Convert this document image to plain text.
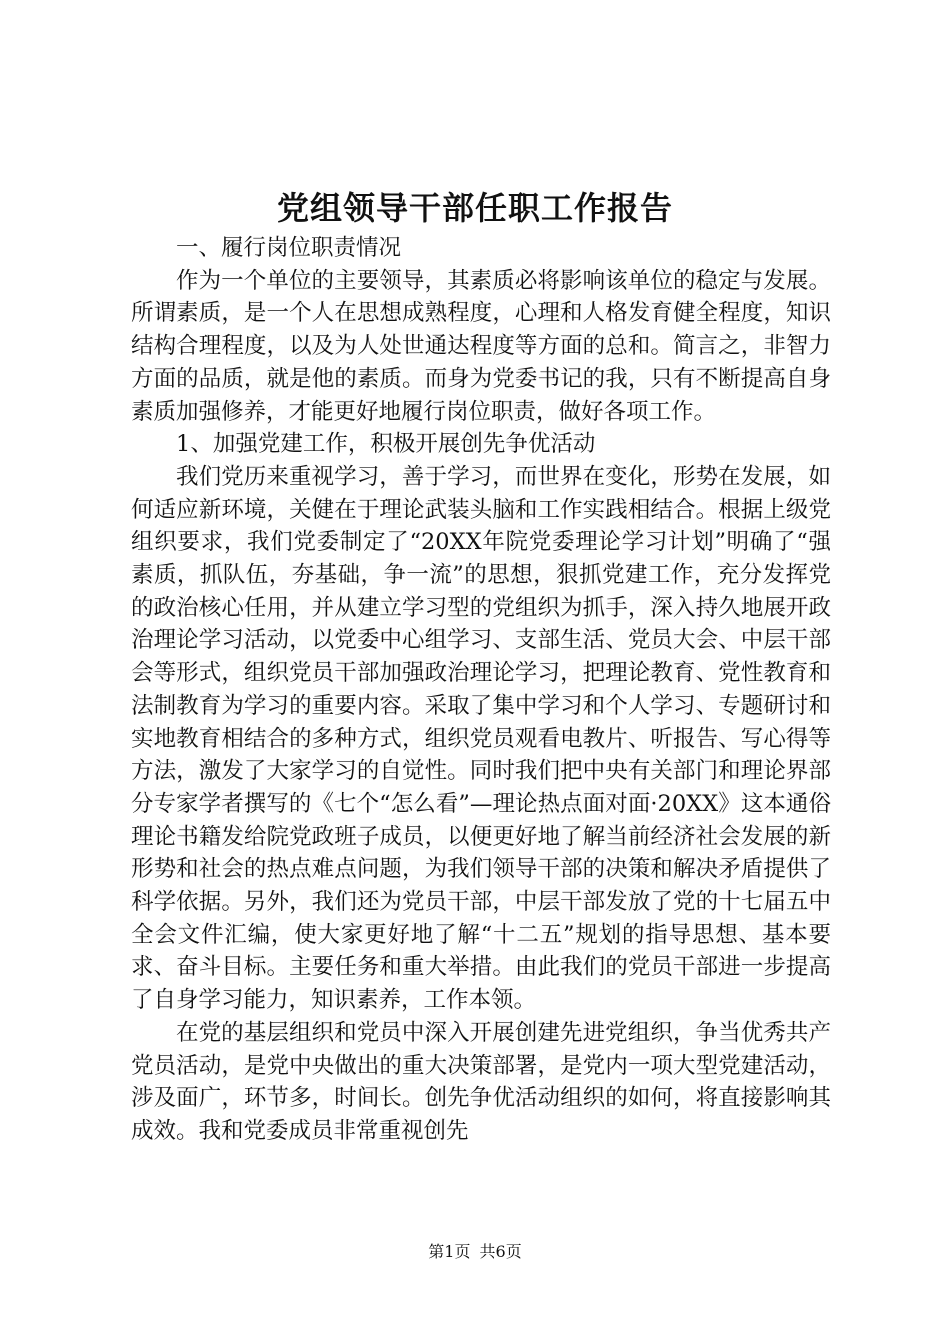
党组领导干部任职工作报告

一、履行岗位职责情况

作为一个单位的主要领导，其素质必将影响该单位的稳定与发展。所谓素质，是一个人在思想成熟程度，心理和人格发育健全程度，知识结构合理程度，以及为人处世通达程度等方面的总和。简言之，非智力方面的品质，就是他的素质。而身为党委书记的我，只有不断提高自身素质加强修养，才能更好地履行岗位职责，做好各项工作。

1、加强党建工作，积极开展创先争优活动

我们党历来重视学习，善于学习，而世界在变化，形势在发展，如何适应新环境，关健在于理论武装头脑和工作实践相结合。根据上级党组织要求，我们党委制定了“20XX年院党委理论学习计划”明确了“强素质，抓队伍，夯基础，争一流”的思想，狠抓党建工作，充分发挥党的政治核心任用，并从建立学习型的党组织为抓手，深入持久地展开政治理论学习活动，以党委中心组学习、支部生活、党员大会、中层干部会等形式，组织党员干部加强政治理论学习，把理论教育、党性教育和法制教育为学习的重要内容。采取了集中学习和个人学习、专题研讨和实地教育相结合的多种方式，组织党员观看电教片、听报告、写心得等方法，激发了大家学习的自觉性。同时我们把中央有关部门和理论界部分专家学者撰写的《七个“怎么看”—理论热点面对面·20XX》这本通俗理论书籍发给院党政班子成员，以便更好地了解当前经济社会发展的新形势和社会的热点难点问题，为我们领导干部的决策和解决矛盾提供了科学依据。另外，我们还为党员干部，中层干部发放了党的十七届五中全会文件汇编，使大家更好地了解“十二五”规划的指导思想、基本要求、奋斗目标。主要任务和重大举措。由此我们的党员干部进一步提高了自身学习能力，知识素养，工作本领。

在党的基层组织和党员中深入开展创建先进党组织，争当优秀共产党员活动，是党中央做出的重大决策部署，是党内一项大型党建活动，涉及面广，环节多，时间长。创先争优活动组织的如何，将直接影响其成效。我和党委成员非常重视创先

第1页 共6页
